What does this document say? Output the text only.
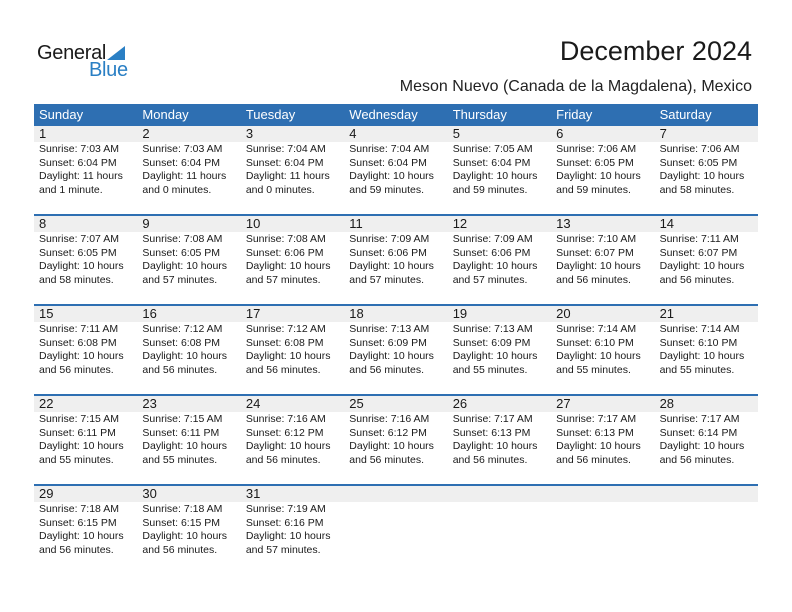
General
Blue
December 2024
Meson Nuevo (Canada de la Magdalena), Mexico
Sunday	Monday	Tuesday	Wednesday	Thursday	Friday	Saturday
1	2	3	4	5	6	7
Sunrise: 7:03 AM
Sunset: 6:04 PM
Daylight: 11 hours
and 1 minute.
Sunrise: 7:03 AM
Sunset: 6:04 PM
Daylight: 11 hours
and 0 minutes.
Sunrise: 7:04 AM
Sunset: 6:04 PM
Daylight: 11 hours
and 0 minutes.
Sunrise: 7:04 AM
Sunset: 6:04 PM
Daylight: 10 hours
and 59 minutes.
Sunrise: 7:05 AM
Sunset: 6:04 PM
Daylight: 10 hours
and 59 minutes.
Sunrise: 7:06 AM
Sunset: 6:05 PM
Daylight: 10 hours
and 59 minutes.
Sunrise: 7:06 AM
Sunset: 6:05 PM
Daylight: 10 hours
and 58 minutes.
8	9	10	11	12	13	14
Sunrise: 7:07 AM
Sunset: 6:05 PM
Daylight: 10 hours
and 58 minutes.
Sunrise: 7:08 AM
Sunset: 6:05 PM
Daylight: 10 hours
and 57 minutes.
Sunrise: 7:08 AM
Sunset: 6:06 PM
Daylight: 10 hours
and 57 minutes.
Sunrise: 7:09 AM
Sunset: 6:06 PM
Daylight: 10 hours
and 57 minutes.
Sunrise: 7:09 AM
Sunset: 6:06 PM
Daylight: 10 hours
and 57 minutes.
Sunrise: 7:10 AM
Sunset: 6:07 PM
Daylight: 10 hours
and 56 minutes.
Sunrise: 7:11 AM
Sunset: 6:07 PM
Daylight: 10 hours
and 56 minutes.
15	16	17	18	19	20	21
Sunrise: 7:11 AM
Sunset: 6:08 PM
Daylight: 10 hours
and 56 minutes.
Sunrise: 7:12 AM
Sunset: 6:08 PM
Daylight: 10 hours
and 56 minutes.
Sunrise: 7:12 AM
Sunset: 6:08 PM
Daylight: 10 hours
and 56 minutes.
Sunrise: 7:13 AM
Sunset: 6:09 PM
Daylight: 10 hours
and 56 minutes.
Sunrise: 7:13 AM
Sunset: 6:09 PM
Daylight: 10 hours
and 55 minutes.
Sunrise: 7:14 AM
Sunset: 6:10 PM
Daylight: 10 hours
and 55 minutes.
Sunrise: 7:14 AM
Sunset: 6:10 PM
Daylight: 10 hours
and 55 minutes.
22	23	24	25	26	27	28
Sunrise: 7:15 AM
Sunset: 6:11 PM
Daylight: 10 hours
and 55 minutes.
Sunrise: 7:15 AM
Sunset: 6:11 PM
Daylight: 10 hours
and 55 minutes.
Sunrise: 7:16 AM
Sunset: 6:12 PM
Daylight: 10 hours
and 56 minutes.
Sunrise: 7:16 AM
Sunset: 6:12 PM
Daylight: 10 hours
and 56 minutes.
Sunrise: 7:17 AM
Sunset: 6:13 PM
Daylight: 10 hours
and 56 minutes.
Sunrise: 7:17 AM
Sunset: 6:13 PM
Daylight: 10 hours
and 56 minutes.
Sunrise: 7:17 AM
Sunset: 6:14 PM
Daylight: 10 hours
and 56 minutes.
29	30	31
Sunrise: 7:18 AM
Sunset: 6:15 PM
Daylight: 10 hours
and 56 minutes.
Sunrise: 7:18 AM
Sunset: 6:15 PM
Daylight: 10 hours
and 56 minutes.
Sunrise: 7:19 AM
Sunset: 6:16 PM
Daylight: 10 hours
and 57 minutes.
